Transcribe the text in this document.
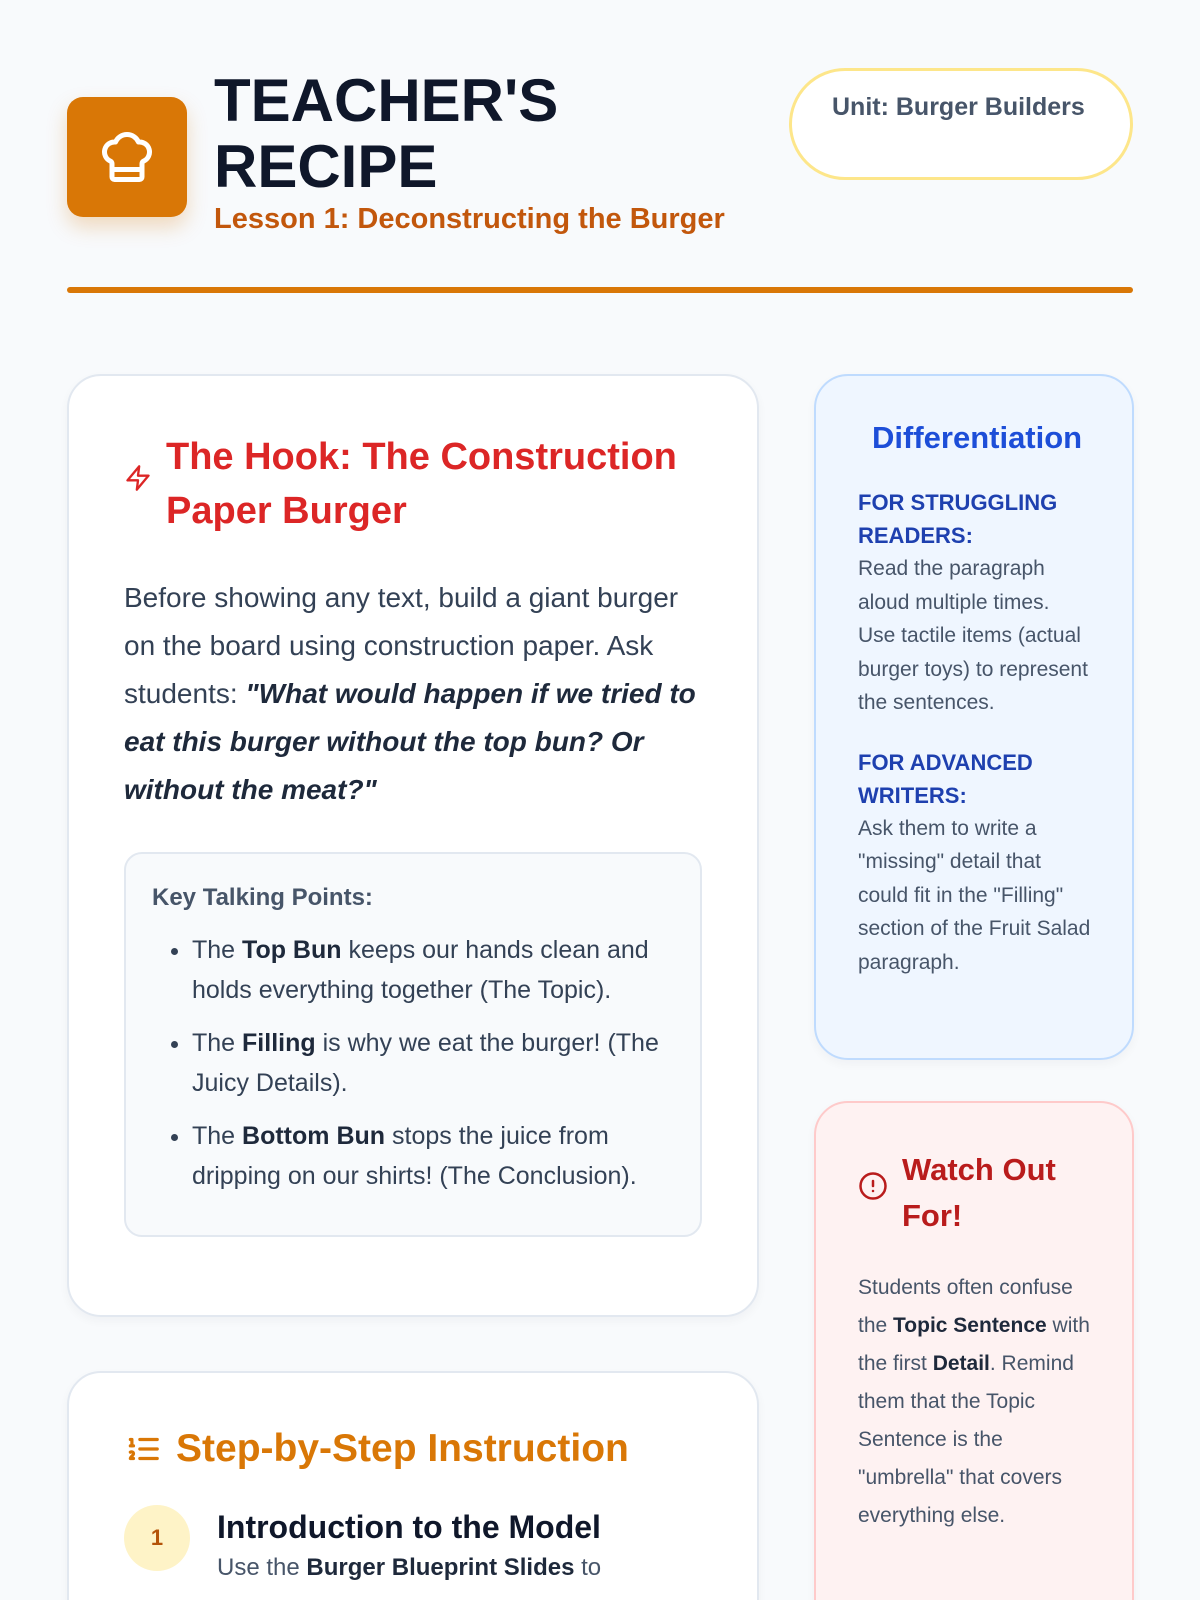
TEACHER'S RECIPE
Lesson 1: Deconstructing the Burger
Unit: Burger Builders
The Hook: The Construction Paper Burger

Before showing any text, build a giant burger on the board using construction paper. Ask students: "What would happen if we tried to eat this burger without the top bun? Or without the meat?"

Key Talking Points:
• The Top Bun keeps our hands clean and holds everything together (The Topic).
• The Filling is why we eat the burger! (The Juicy Details).
• The Bottom Bun stops the juice from dripping on our shirts! (The Conclusion).
Step-by-Step Instruction
1	Introduction to the Model
Use the Burger Blueprint Slides to
Differentiation
FOR STRUGGLING READERS:
Read the paragraph aloud multiple times. Use tactile items (actual burger toys) to represent the sentences.
FOR ADVANCED WRITERS:
Ask them to write a "missing" detail that could fit in the "Filling" section of the Fruit Salad paragraph.
Watch Out For!

Students often confuse the Topic Sentence with the first Detail. Remind them that the Topic Sentence is the "umbrella" that covers everything else.
